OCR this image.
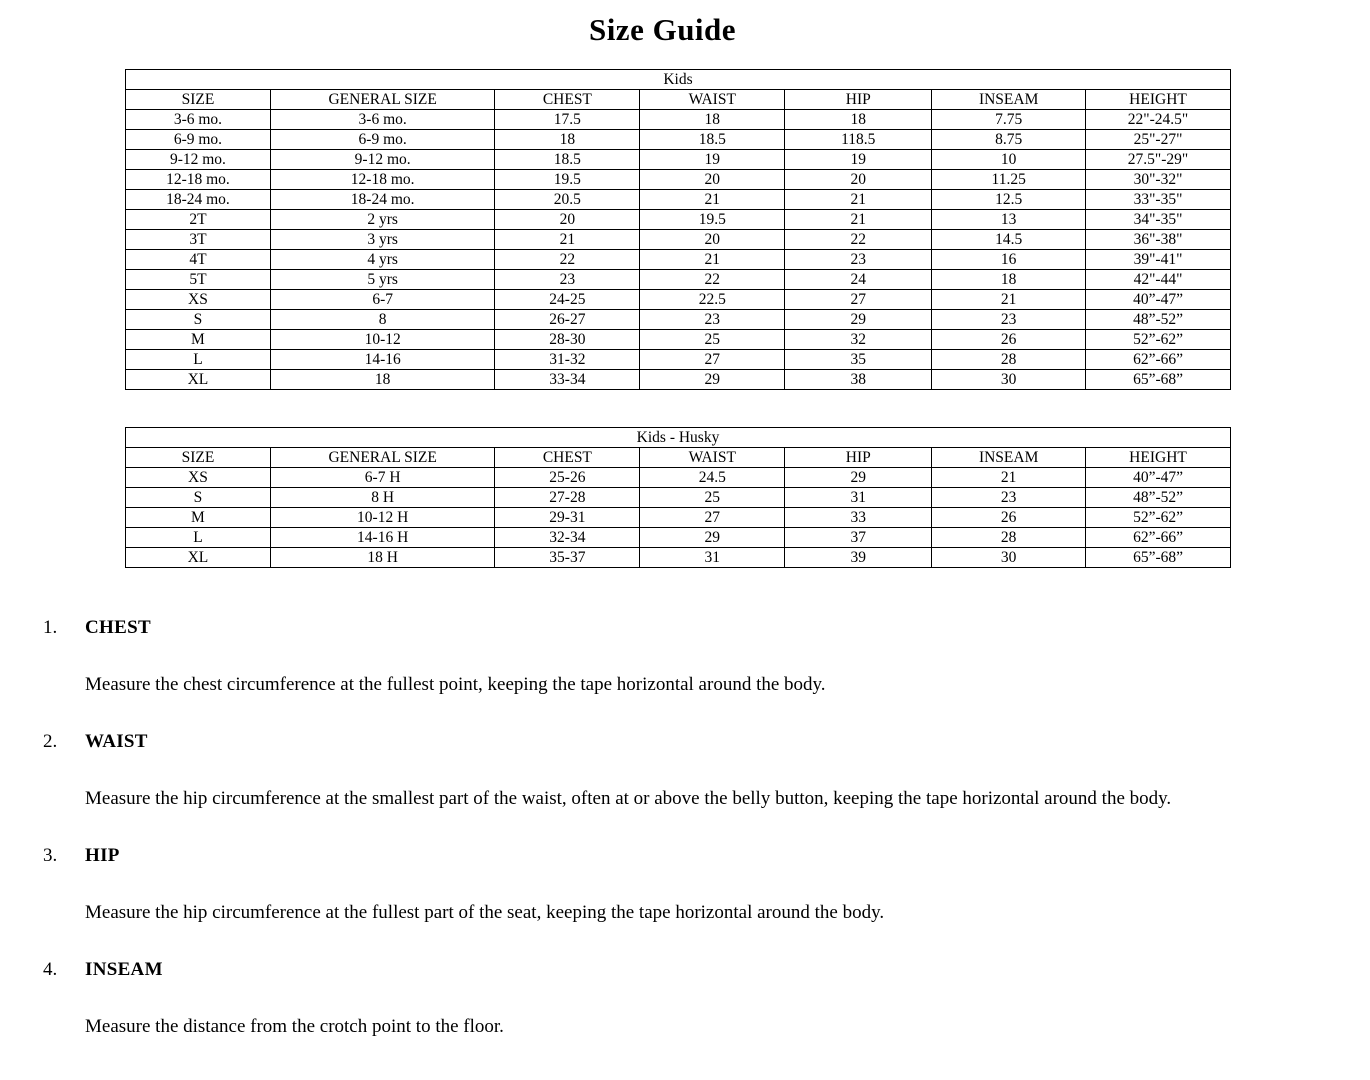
Size Guide
Kids						
SIZE	GENERAL SIZE	CHEST	WAIST	HIP	INSEAM	HEIGHT
3-6 mo.	3-6 mo.	17.5	18	18	7.75	22"-24.5"
6-9 mo.	6-9 mo.	18	18.5	118.5	8.75	25"-27"
9-12 mo.	9-12 mo.	18.5	19	19	10	27.5"-29"
12-18 mo.	12-18 mo.	19.5	20	20	11.25	30"-32"
18-24 mo.	18-24 mo.	20.5	21	21	12.5	33"-35"
2T	2 yrs	20	19.5	21	13	34"-35"
3T	3 yrs	21	20	22	14.5	36"-38"
4T	4 yrs	22	21	23	16	39"-41"
5T	5 yrs	23	22	24	18	42"-44"
XS	6-7	24-25	22.5	27	21	40”-47”
S	8	26-27	23	29	23	48”-52”
M	10-12	28-30	25	32	26	52”-62”
L	14-16	31-32	27	35	28	62”-66”
XL	18	33-34	29	38	30	65”-68”
Kids - Husky						
SIZE	GENERAL SIZE	CHEST	WAIST	HIP	INSEAM	HEIGHT
XS	6-7 H	25-26	24.5	29	21	40”-47”
S	8 H	27-28	25	31	23	48”-52”
M	10-12 H	29-31	27	33	26	52”-62”
L	14-16 H	32-34	29	37	28	62”-66”
XL	18 H	35-37	31	39	30	65”-68”
1. CHEST

Measure the chest circumference at the fullest point, keeping the tape horizontal around the body.

2. WAIST

Measure the hip circumference at the smallest part of the waist, often at or above the belly button, keeping the tape horizontal around the body.

3. HIP

Measure the hip circumference at the fullest part of the seat, keeping the tape horizontal around the body.

4. INSEAM

Measure the distance from the crotch point to the floor.
